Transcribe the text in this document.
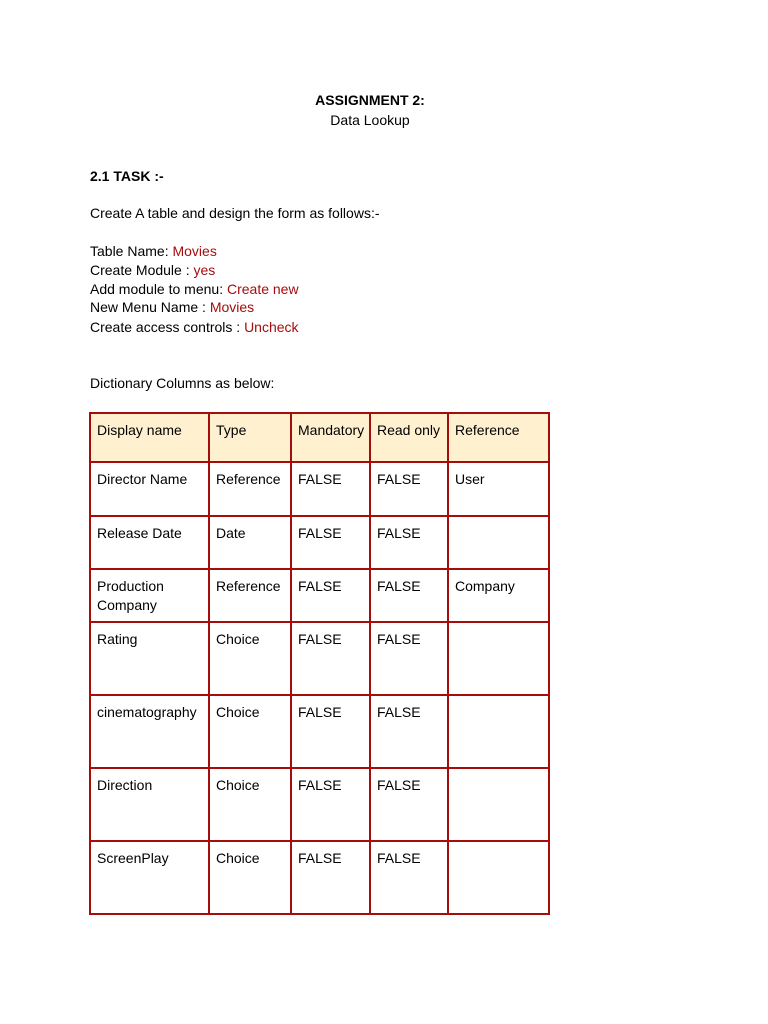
ASSIGNMENT 2:
Data Lookup
2.1 TASK :-
Create A table and design the form as follows:-
Table Name: Movies
Create Module : yes
Add module to menu: Create new
New Menu Name : Movies
Create access controls : Uncheck
Dictionary Columns as below:
Display name	Type	Mandatory	Read only	Reference
Director Name	Reference	FALSE	FALSE	User
Release Date	Date	FALSE	FALSE	
Production Company	Reference	FALSE	FALSE	Company
Rating	Choice	FALSE	FALSE	
cinematography	Choice	FALSE	FALSE	
Direction	Choice	FALSE	FALSE	
ScreenPlay	Choice	FALSE	FALSE	
